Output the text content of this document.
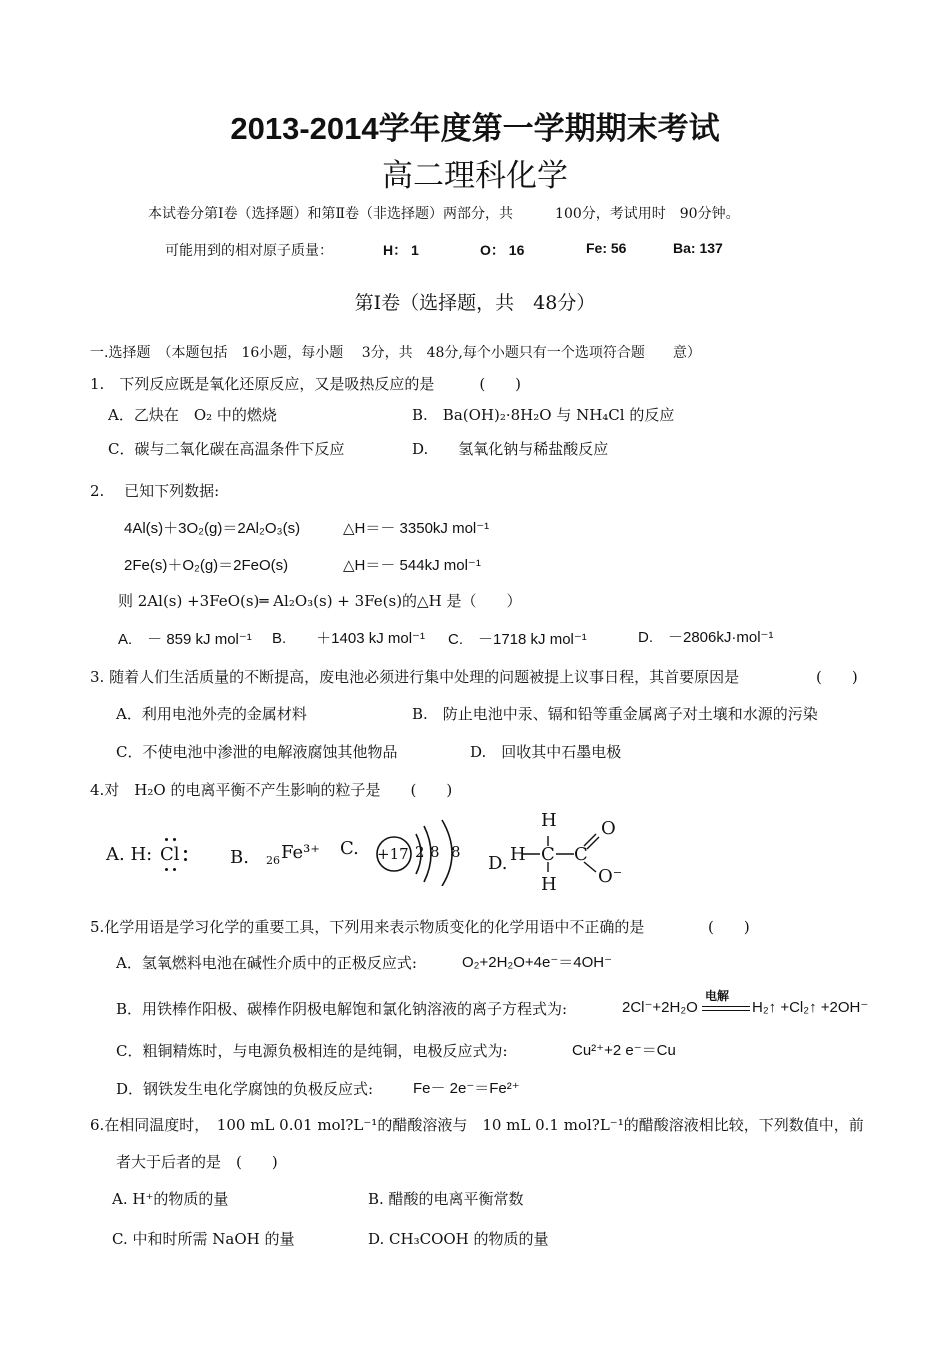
2013-2014学年度第一学期期末考试
高二理科化学
本试卷分第Ⅰ卷（选择题）和第Ⅱ卷（非选择题）两部分，共　　　100分，考试用时　90分钟。
可能用到的相对原子质量：	H： 1	O： 16	Fe: 56	Ba: 137
第Ⅰ卷（选择题，共　48分）
一.选择题　（本题包括　16小题，每小题　 3分，共　48分,每个小题只有一个选项符合题　　意）
1.　下列反应既是氧化还原反应，又是吸热反应的是　　　(　　)
A．乙炔在　O₂ 中的燃烧	B.　Ba(OH)₂·8H₂O 与 NH₄Cl 的反应
C．碳与二氧化碳在高温条件下反应	D.　　氢氧化钠与稀盐酸反应
2.　 已知下列数据:
4Al(s)＋3O₂(g)＝2Al₂O₃(s)	△H＝－ 3350kJ mol⁻¹
2Fe(s)＋O₂(g)＝2FeO(s)	△H＝－ 544kJ mol⁻¹
则 2Al(s) +3FeO(s)═ Al₂O₃(s) + 3Fe(s)的△H 是（　　）
A.　－ 859 kJ mol⁻¹ B.　　＋1403 kJ mol⁻¹ C.　－1718 kJ mol⁻¹	D.　－2806kJ·mol⁻¹
3. 随着人们生活质量的不断提高，废电池必须进行集中处理的问题被提上议事日程，其首要原因是	(　　)
A．利用电池外壳的金属材料	B.　防止电池中汞、镉和铅等重金属离子对土壤和水源的污染
C．不使电池中渗泄的电解液腐蚀其他物品	D.　回收其中石墨电极
4.对　H₂O 的电离平衡不产生影响的粒子是　　(　　)
A. H: Cl	B. 26 Fe³⁺ C. +17 2 8 8
D.
H
H C
H
C
O
O⁻
5.化学用语是学习化学的重要工具，下列用来表示物质变化的化学用语中不正确的是	(　　)
A．氢氧燃料电池在碱性介质中的正极反应式:	O₂+2H₂O+4e⁻＝4OH⁻
B．用铁棒作阳极、碳棒作阴极电解饱和氯化钠溶液的离子方程式为:	2Cl⁻+2H₂O
电解
H₂↑ +Cl₂↑ +2OH⁻
C．粗铜精炼时，与电源负极相连的是纯铜，电极反应式为:	Cu²⁺+2 e⁻＝Cu
D．钢铁发生电化学腐蚀的负极反应式:	Fe－ 2e⁻＝Fe²⁺
6.在相同温度时，　100 mL 0.01 mol?L⁻¹的醋酸溶液与　10 mL 0.1 mol?L⁻¹的醋酸溶液相比较，下列数值中，前
者大于后者的是　(　　)
A. H⁺的物质的量	B. 醋酸的电离平衡常数
C. 中和时所需 NaOH 的量	D. CH₃COOH 的物质的量
